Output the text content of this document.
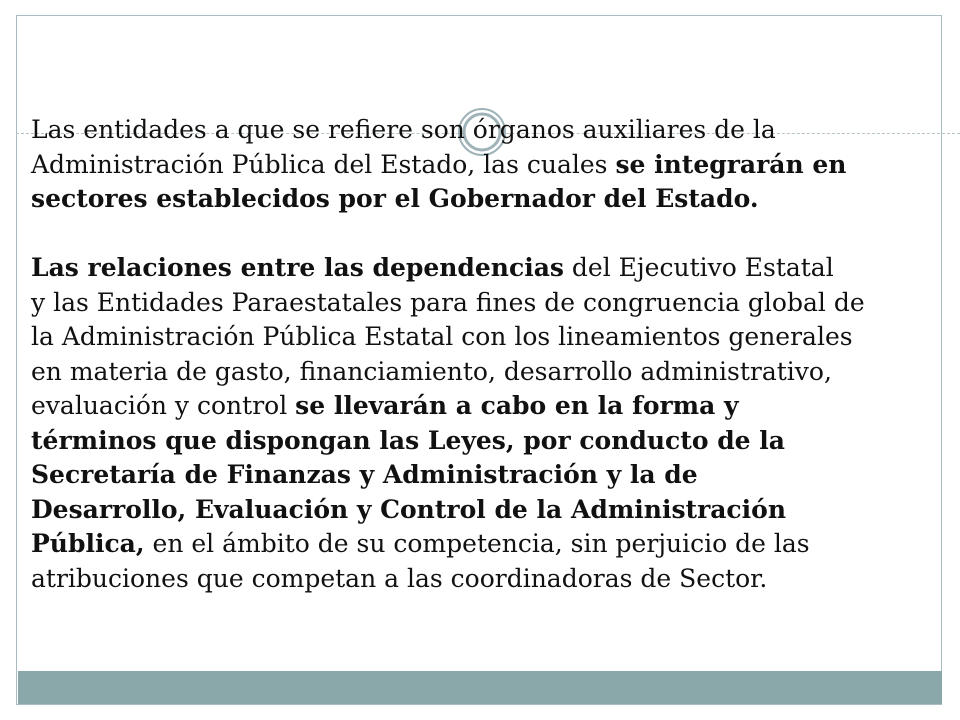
Las entidades a que se refiere son órganos auxiliares de la
Administración Pública del Estado, las cuales se integrarán en
sectores establecidos por el Gobernador del Estado.

Las relaciones entre las dependencias del Ejecutivo Estatal
y las Entidades Paraestatales para fines de congruencia global de
la Administración Pública Estatal con los lineamientos generales
en materia de gasto, financiamiento, desarrollo administrativo,
evaluación y control se llevarán a cabo en la forma y
términos que dispongan las Leyes, por conducto de la
Secretaría de Finanzas y Administración y la de
Desarrollo, Evaluación y Control de la Administración
Pública, en el ámbito de su competencia, sin perjuicio de las
atribuciones que competan a las coordinadoras de Sector.
